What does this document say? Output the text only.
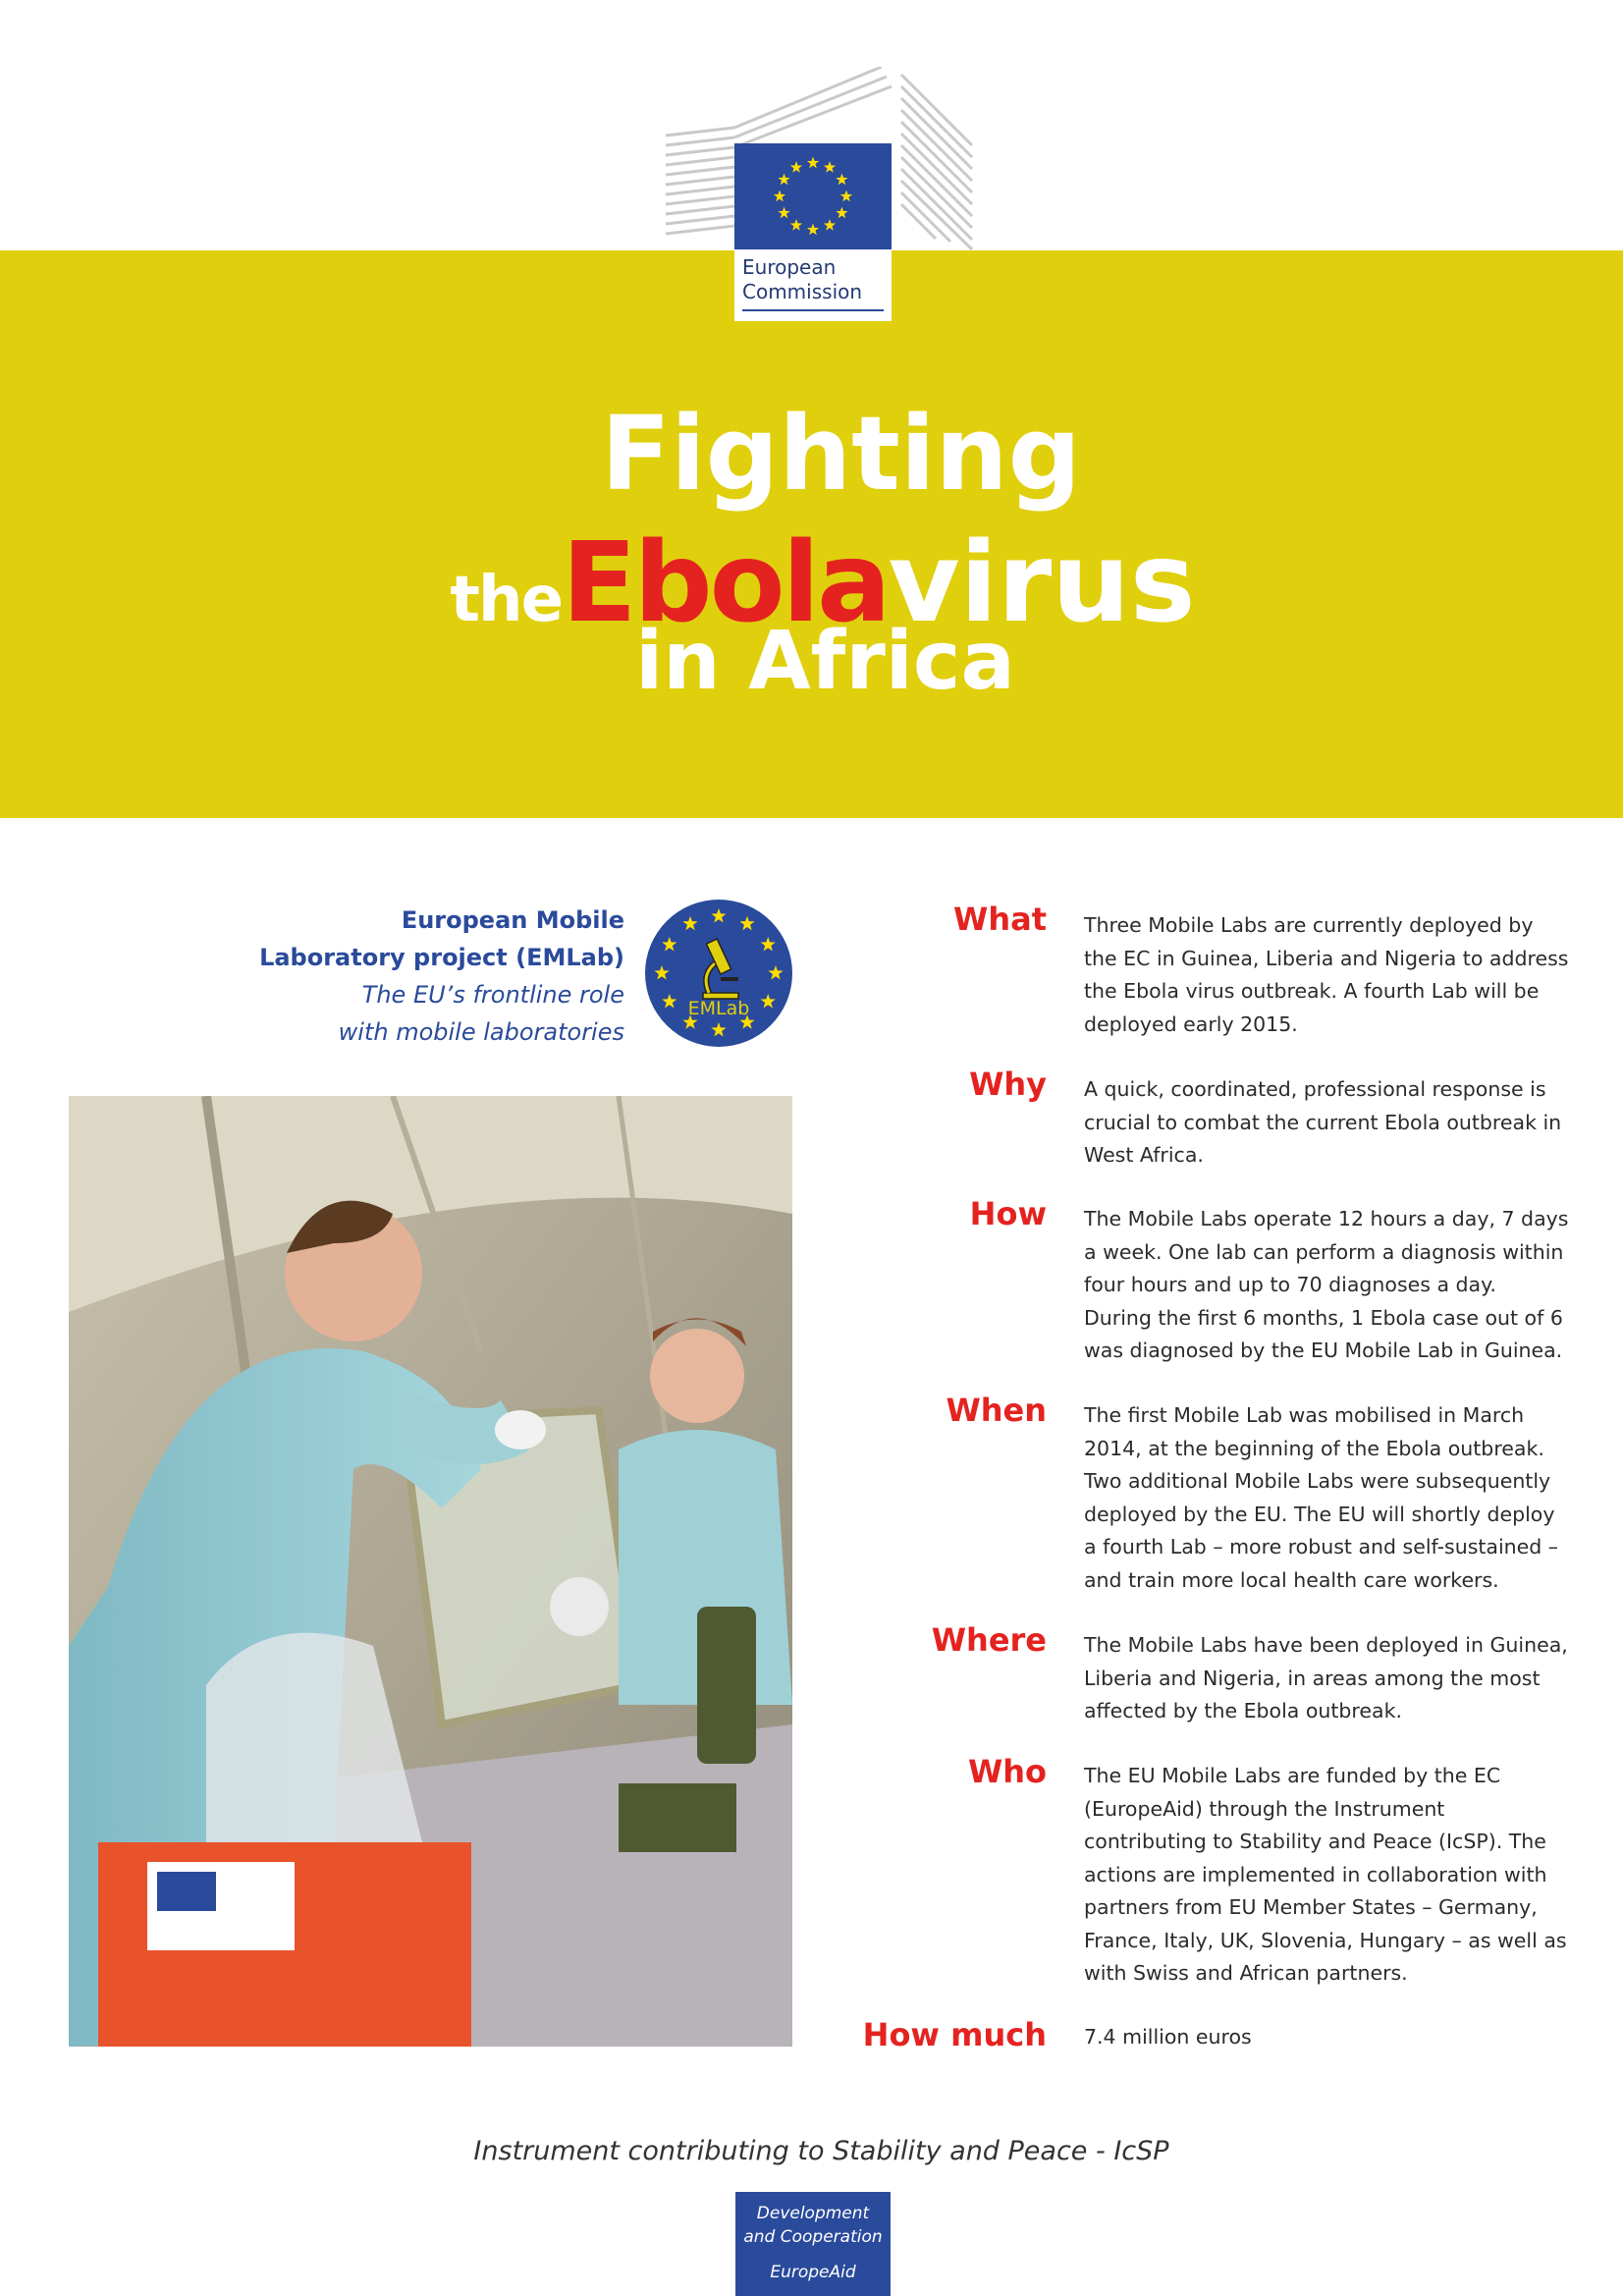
European
Commission
Fighting
theEbolavirus
in Africa
European Mobile
Laboratory project (EMLab)
The EU’s frontline role
with mobile laboratories
EMLab
What Three Mobile Labs are currently deployed by the EC in Guinea, Liberia and Nigeria to address the Ebola virus outbreak. A fourth Lab will be deployed early 2015.
Why A quick, coordinated, professional response is crucial to combat the current Ebola outbreak in West Africa.
How The Mobile Labs operate 12 hours a day, 7 days a week. One lab can perform a diagnosis within four hours and up to 70 diagnoses a day. During the first 6 months, 1 Ebola case out of 6 was diagnosed by the EU Mobile Lab in Guinea.
When The first Mobile Lab was mobilised in March 2014, at the beginning of the Ebola outbreak. Two additional Mobile Labs were subsequently deployed by the EU. The EU will shortly deploy a fourth Lab – more robust and self-sustained – and train more local health care workers.
Where The Mobile Labs have been deployed in Guinea, Liberia and Nigeria, in areas among the most affected by the Ebola outbreak.
Who The EU Mobile Labs are funded by the EC (EuropeAid) through the Instrument contributing to Stability and Peace (IcSP). The actions are implemented in collaboration with partners from EU Member States – Germany, France, Italy, UK, Slovenia, Hungary – as well as with Swiss and African partners.
How much 7.4 million euros
Instrument contributing to Stability and Peace - IcSP
Development
and Cooperation
EuropeAid
